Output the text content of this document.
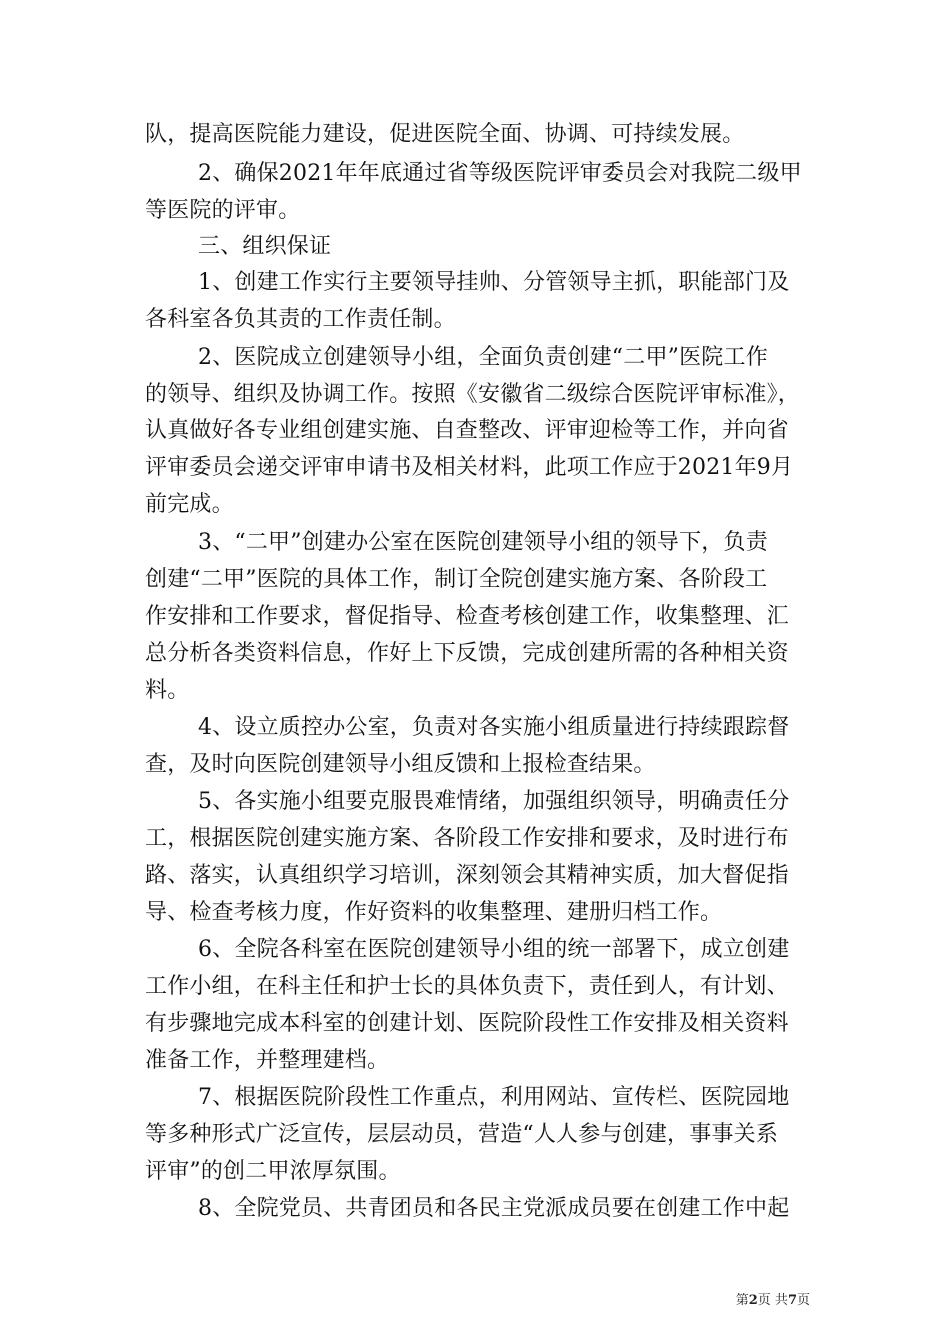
队，提高医院能力建设，促进医院全面、协调、可持续发展。
2、确保2021年年底通过省等级医院评审委员会对我院二级甲
等医院的评审。
三、组织保证
1、创建工作实行主要领导挂帅、分管领导主抓，职能部门及
各科室各负其责的工作责任制。
2、医院成立创建领导小组，全面负责创建“二甲”医院工作
的领导、组织及协调工作。按照《安徽省二级综合医院评审标准》，
认真做好各专业组创建实施、自查整改、评审迎检等工作，并向省
评审委员会递交评审申请书及相关材料，此项工作应于2021年9月
前完成。
3、“二甲”创建办公室在医院创建领导小组的领导下，负责
创建“二甲”医院的具体工作，制订全院创建实施方案、各阶段工
作安排和工作要求，督促指导、检查考核创建工作，收集整理、汇
总分析各类资料信息，作好上下反馈，完成创建所需的各种相关资
料。
4、设立质控办公室，负责对各实施小组质量进行持续跟踪督
查，及时向医院创建领导小组反馈和上报检查结果。
5、各实施小组要克服畏难情绪，加强组织领导，明确责任分
工，根据医院创建实施方案、各阶段工作安排和要求，及时进行布
路、落实，认真组织学习培训，深刻领会其精神实质，加大督促指
导、检查考核力度，作好资料的收集整理、建册归档工作。
6、全院各科室在医院创建领导小组的统一部署下，成立创建
工作小组，在科主任和护士长的具体负责下，责任到人，有计划、
有步骤地完成本科室的创建计划、医院阶段性工作安排及相关资料
准备工作，并整理建档。
7、根据医院阶段性工作重点，利用网站、宣传栏、医院园地
等多种形式广泛宣传，层层动员，营造“人人参与创建，事事关系
评审”的创二甲浓厚氛围。
8、全院党员、共青团员和各民主党派成员要在创建工作中起
第2页 共7页
